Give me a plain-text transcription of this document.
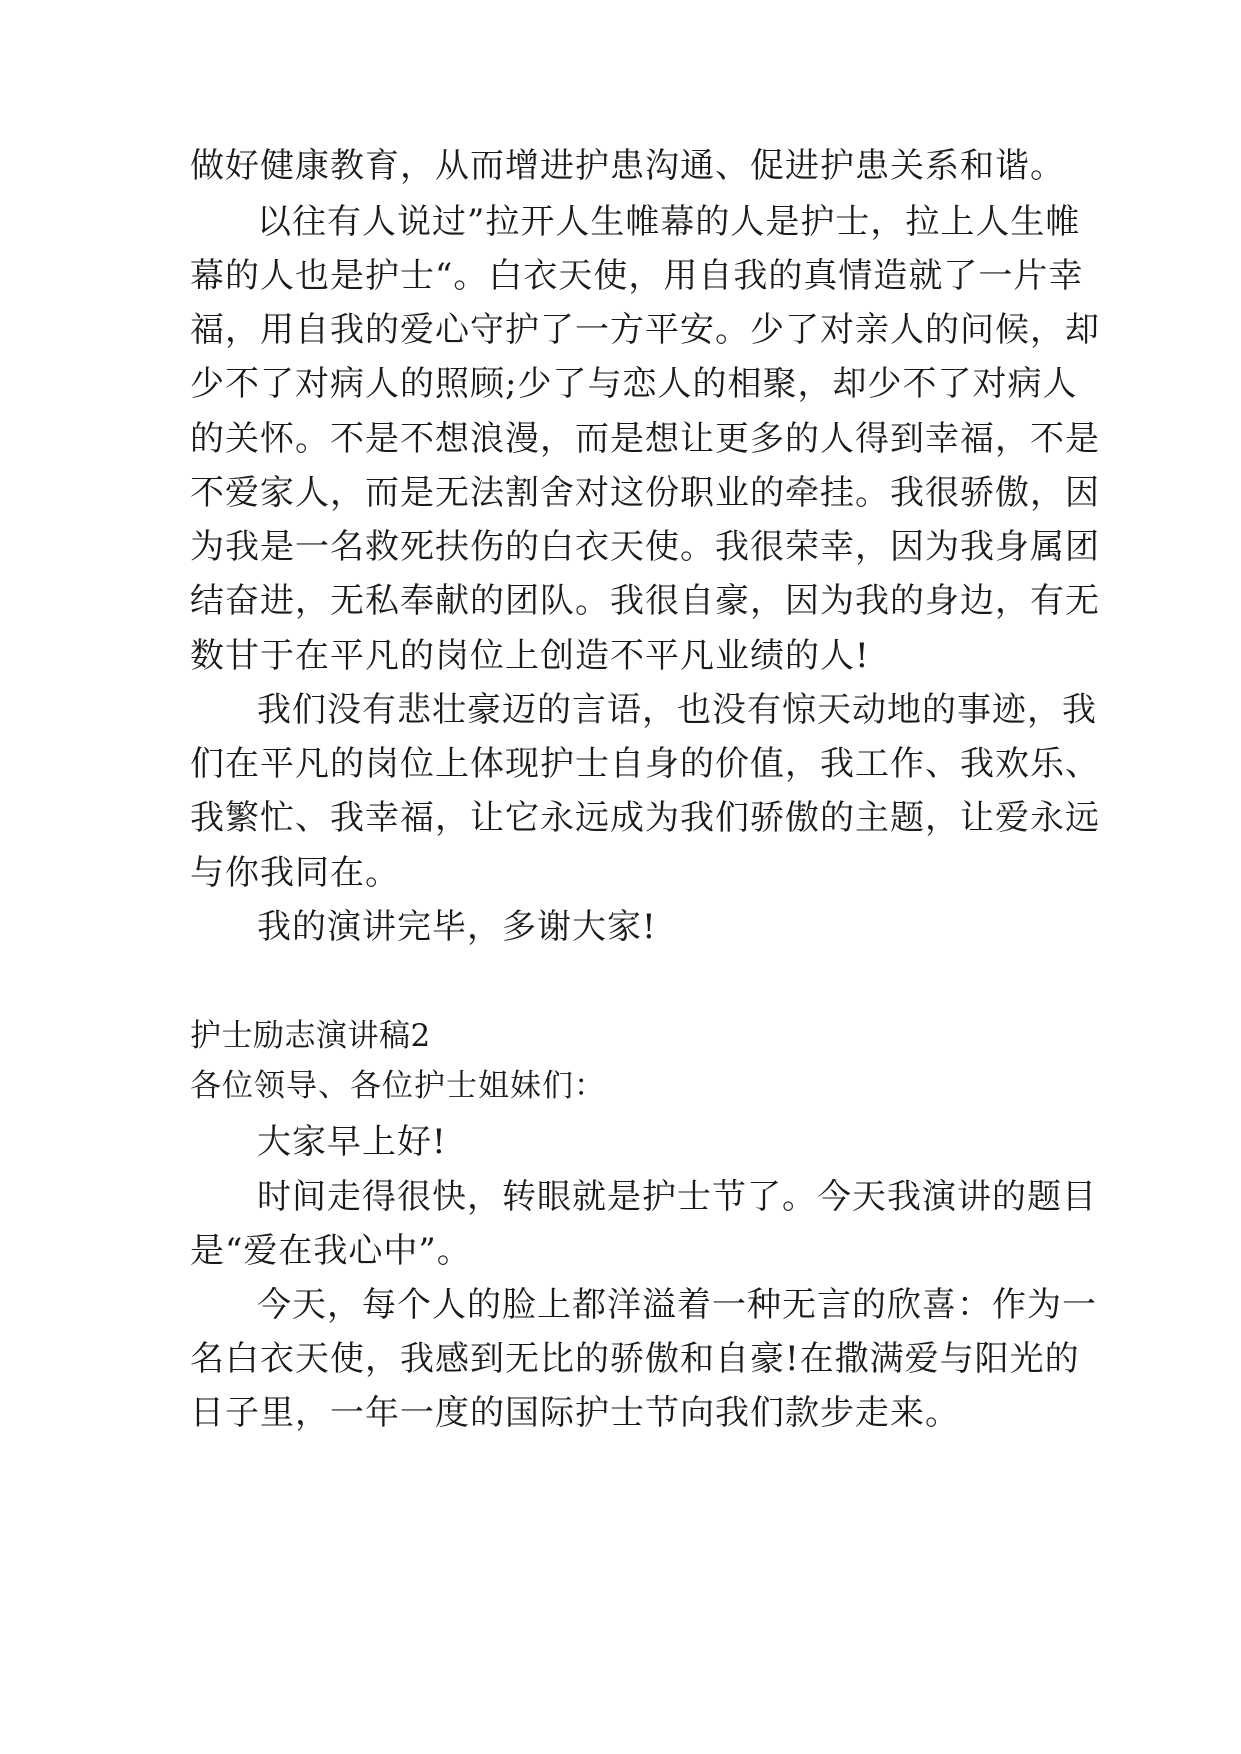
做好健康教育，从而增进护患沟通、促进护患关系和谐。
以往有人说过”拉开人生帷幕的人是护士，拉上人生帷
幕的人也是护士“。白衣天使，用自我的真情造就了一片幸
福，用自我的爱心守护了一方平安。少了对亲人的问候，却
少不了对病人的照顾;少了与恋人的相聚，却少不了对病人
的关怀。不是不想浪漫，而是想让更多的人得到幸福，不是
不爱家人，而是无法割舍对这份职业的牵挂。我很骄傲，因
为我是一名救死扶伤的白衣天使。我很荣幸，因为我身属团
结奋进，无私奉献的团队。我很自豪，因为我的身边，有无
数甘于在平凡的岗位上创造不平凡业绩的人!
我们没有悲壮豪迈的言语，也没有惊天动地的事迹，我
们在平凡的岗位上体现护士自身的价值，我工作、我欢乐、
我繁忙、我幸福，让它永远成为我们骄傲的主题，让爱永远
与你我同在。
我的演讲完毕，多谢大家!
护士励志演讲稿2
各位领导、各位护士姐妹们：
大家早上好!
时间走得很快，转眼就是护士节了。今天我演讲的题目
是“爱在我心中”。
今天，每个人的脸上都洋溢着一种无言的欣喜：作为一
名白衣天使，我感到无比的骄傲和自豪!在撒满爱与阳光的
日子里，一年一度的国际护士节向我们款步走来。
